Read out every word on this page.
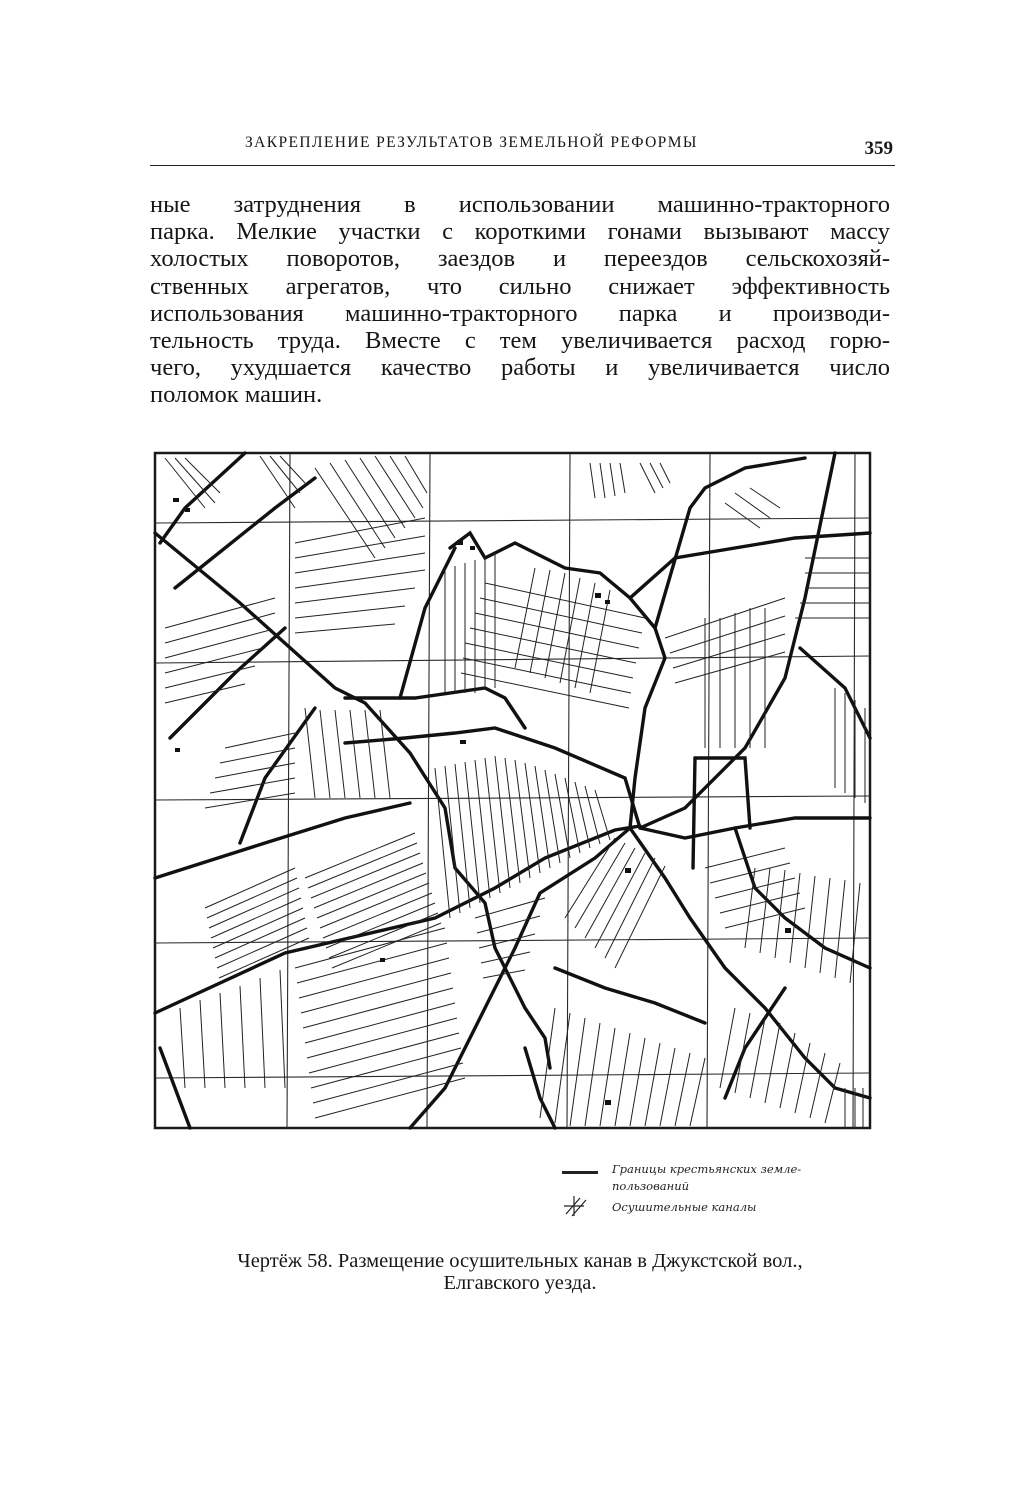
ЗАКРЕПЛЕНИЕ РЕЗУЛЬТАТОВ ЗЕМЕЛЬНОЙ РЕФОРМЫ	359
ные затруднения в использовании машинно-тракторного
парка. Мелкие участки с короткими гонами вызывают массу
холостых поворотов, заездов и переездов сельскохозяй-
ственных агрегатов, что сильно снижает эффективность
использования машинно-тракторного парка и производи-
тельность труда. Вместе с тем увеличивается расход горю-
чего, ухудшается качество работы и увеличивается число
поломок машин.
Границы крестьянских земле-
пользований
Осушительные каналы
Чертёж 58. Размещение осушительных канав в Джукстской вол.,
Елгавского уезда.
